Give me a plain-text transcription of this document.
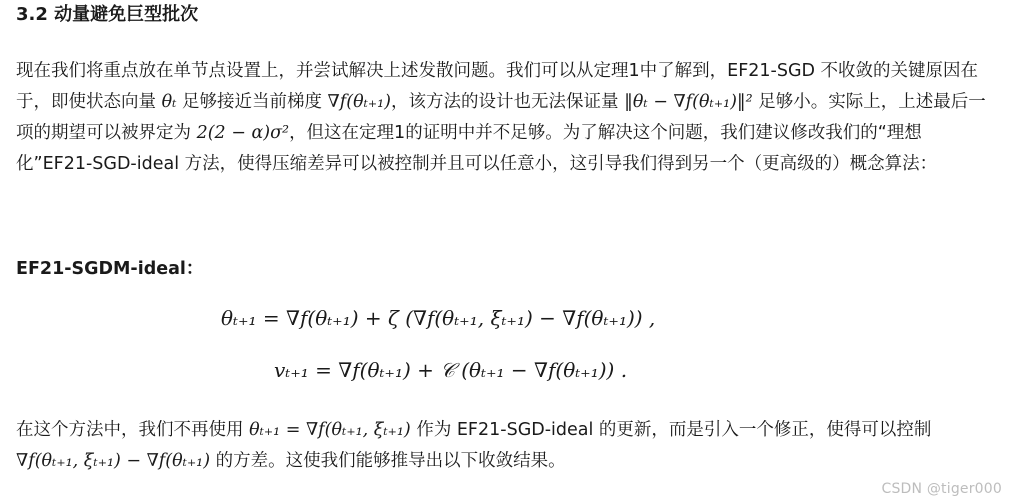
3.2 动量避免巨型批次

现在我们将重点放在单节点设置上，并尝试解决上述发散问题。我们可以从定理1中了解到，EF21-SGD 不收敛的关键原因在于，即使状态向量 θₜ 足够接近当前梯度 ∇f(θₜ₊₁)，该方法的设计也无法保证量 ‖θₜ − ∇f(θₜ₊₁)‖² 足够小。实际上，上述最后一项的期望可以被界定为 2(2 − α)σ²，但这在定理1的证明中并不足够。为了解决这个问题，我们建议修改我们的“理想化”EF21-SGD-ideal 方法，使得压缩差异可以被控制并且可以任意小，这引导我们得到另一个（更高级的）概念算法：

EF21-SGDM-ideal：
θₜ₊₁ = ∇f(θₜ₊₁) + ζ (∇f(θₜ₊₁, ξₜ₊₁) − ∇f(θₜ₊₁)) ,
vₜ₊₁ = ∇f(θₜ₊₁) + 𝒞 (θₜ₊₁ − ∇f(θₜ₊₁)) .

在这个方法中，我们不再使用 θₜ₊₁ = ∇f(θₜ₊₁, ξₜ₊₁) 作为 EF21-SGD-ideal 的更新，而是引入一个修正，使得可以控制 ∇f(θₜ₊₁, ξₜ₊₁) − ∇f(θₜ₊₁) 的方差。这使我们能够推导出以下收敛结果。

CSDN @tiger000
